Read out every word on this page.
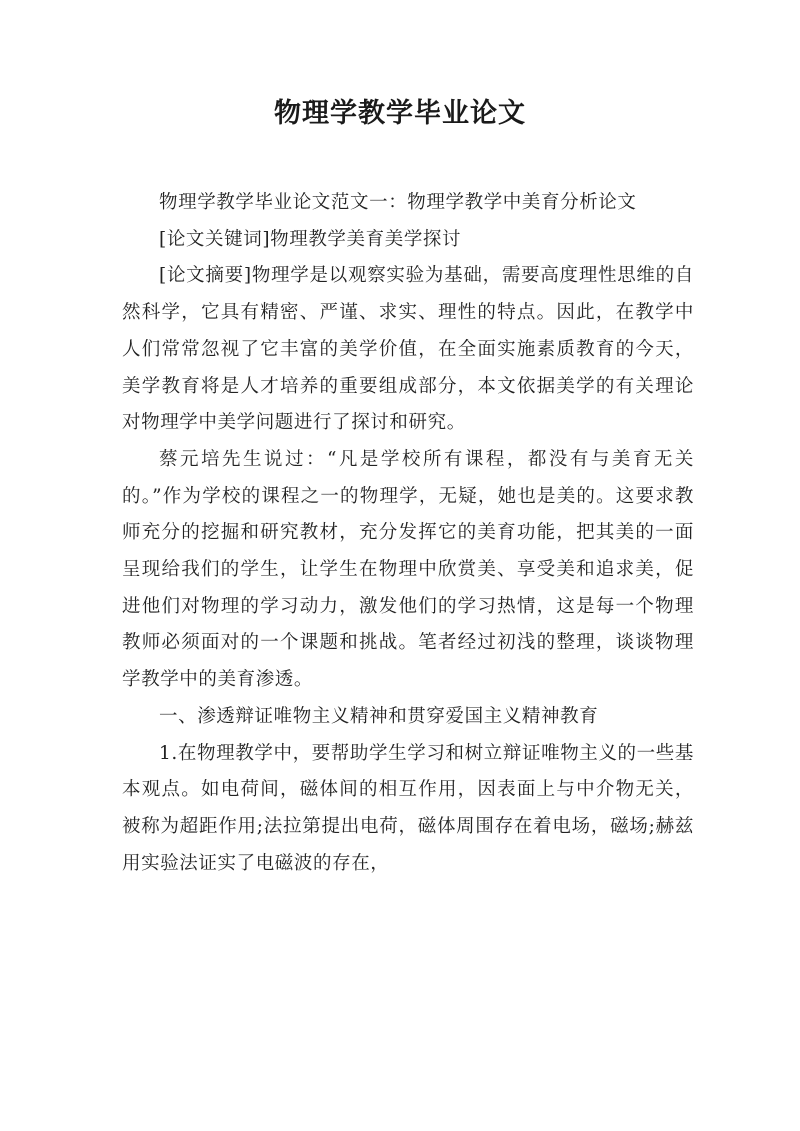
物理学教学毕业论文

物理学教学毕业论文范文一：物理学教学中美育分析论文

[论文关键词]物理教学美育美学探讨

[论文摘要]物理学是以观察实验为基础，需要高度理性思维的自然科学，它具有精密、严谨、求实、理性的特点。因此，在教学中人们常常忽视了它丰富的美学价值，在全面实施素质教育的今天，美学教育将是人才培养的重要组成部分，本文依据美学的有关理论对物理学中美学问题进行了探讨和研究。

蔡元培先生说过：“凡是学校所有课程，都没有与美育无关的。”作为学校的课程之一的物理学，无疑，她也是美的。这要求教师充分的挖掘和研究教材，充分发挥它的美育功能，把其美的一面呈现给我们的学生，让学生在物理中欣赏美、享受美和追求美，促进他们对物理的学习动力，激发他们的学习热情，这是每一个物理教师必须面对的一个课题和挑战。笔者经过初浅的整理，谈谈物理学教学中的美育渗透。

一、渗透辩证唯物主义精神和贯穿爱国主义精神教育

1.在物理教学中，要帮助学生学习和树立辩证唯物主义的一些基本观点。如电荷间，磁体间的相互作用，因表面上与中介物无关，被称为超距作用;法拉第提出电荷，磁体周围存在着电场，磁场;赫兹用实验法证实了电磁波的存在，
